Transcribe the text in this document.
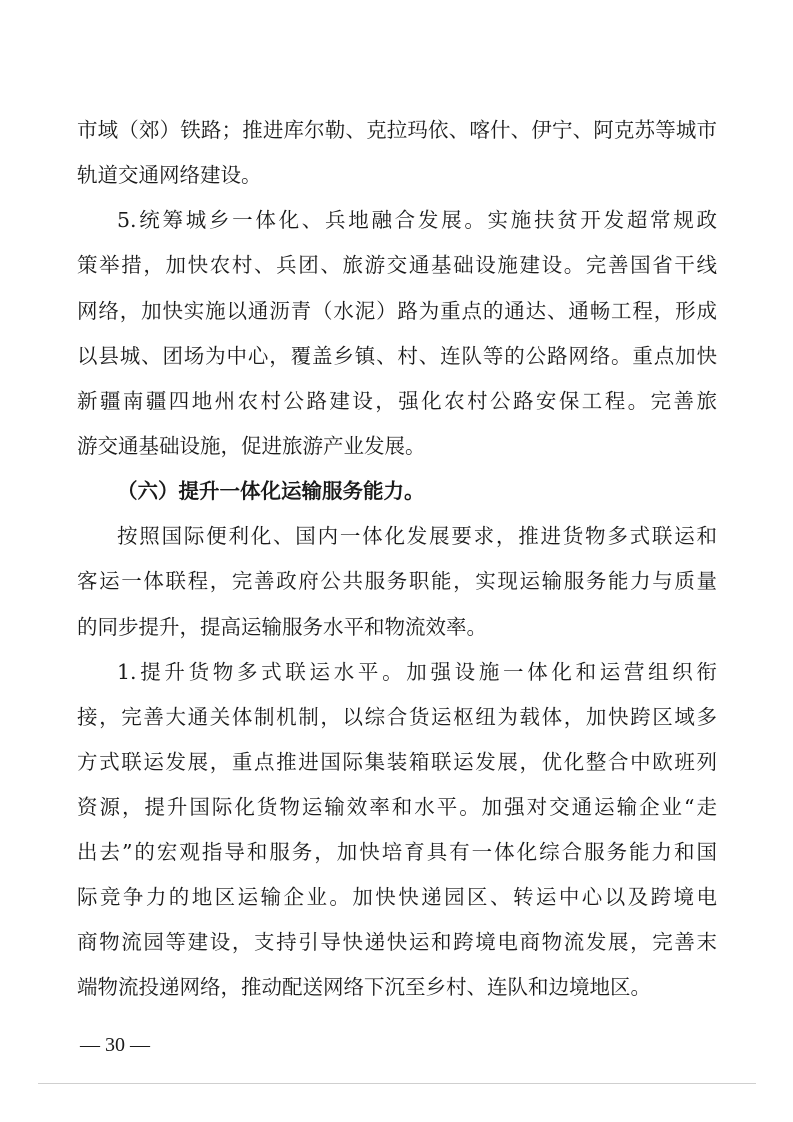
市域（郊）铁路；推进库尔勒、克拉玛依、喀什、伊宁、阿克苏等城市
轨道交通网络建设。
5.统筹城乡一体化、兵地融合发展。实施扶贫开发超常规政
策举措，加快农村、兵团、旅游交通基础设施建设。完善国省干线
网络，加快实施以通沥青（水泥）路为重点的通达、通畅工程，形成
以县城、团场为中心，覆盖乡镇、村、连队等的公路网络。重点加快
新疆南疆四地州农村公路建设，强化农村公路安保工程。完善旅
游交通基础设施，促进旅游产业发展。
（六）提升一体化运输服务能力。
按照国际便利化、国内一体化发展要求，推进货物多式联运和
客运一体联程，完善政府公共服务职能，实现运输服务能力与质量
的同步提升，提高运输服务水平和物流效率。
1.提升货物多式联运水平。加强设施一体化和运营组织衔
接，完善大通关体制机制，以综合货运枢纽为载体，加快跨区域多
方式联运发展，重点推进国际集装箱联运发展，优化整合中欧班列
资源，提升国际化货物运输效率和水平。加强对交通运输企业“走
出去”的宏观指导和服务，加快培育具有一体化综合服务能力和国
际竞争力的地区运输企业。加快快递园区、转运中心以及跨境电
商物流园等建设，支持引导快递快运和跨境电商物流发展，完善末
端物流投递网络，推动配送网络下沉至乡村、连队和边境地区。
— 30 —
